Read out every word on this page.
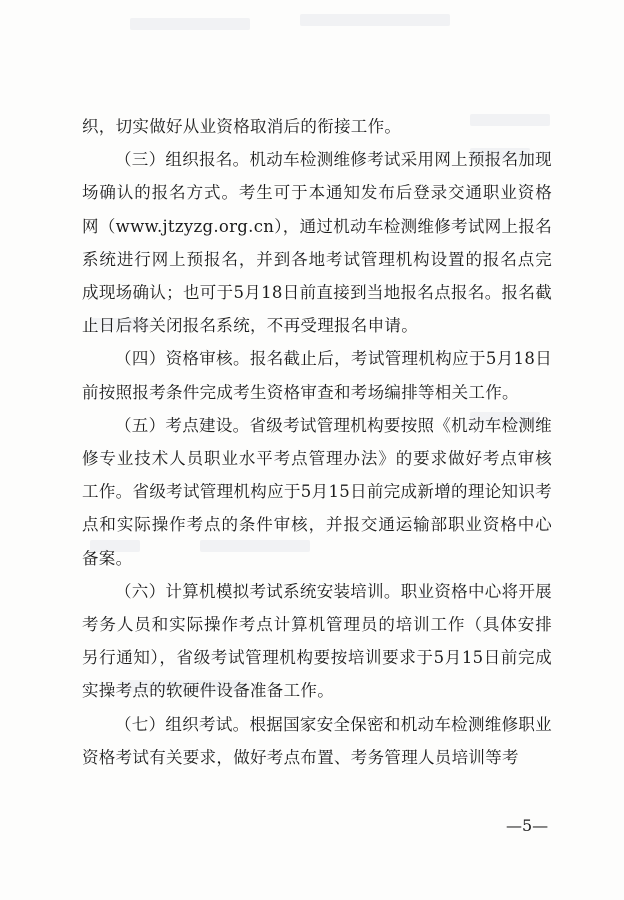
织，切实做好从业资格取消后的衔接工作。

（三）组织报名。机动车检测维修考试采用网上预报名加现场确认的报名方式。考生可于本通知发布后登录交通职业资格网（www.jtzyzg.org.cn），通过机动车检测维修考试网上报名系统进行网上预报名，并到各地考试管理机构设置的报名点完成现场确认；也可于5月18日前直接到当地报名点报名。报名截止日后将关闭报名系统，不再受理报名申请。

（四）资格审核。报名截止后，考试管理机构应于5月18日前按照报考条件完成考生资格审查和考场编排等相关工作。

（五）考点建设。省级考试管理机构要按照《机动车检测维修专业技术人员职业水平考点管理办法》的要求做好考点审核工作。省级考试管理机构应于5月15日前完成新增的理论知识考点和实际操作考点的条件审核，并报交通运输部职业资格中心备案。

（六）计算机模拟考试系统安装培训。职业资格中心将开展考务人员和实际操作考点计算机管理员的培训工作（具体安排另行通知），省级考试管理机构要按培训要求于5月15日前完成实操考点的软硬件设备准备工作。

（七）组织考试。根据国家安全保密和机动车检测维修职业资格考试有关要求，做好考点布置、考务管理人员培训等考

—5—
